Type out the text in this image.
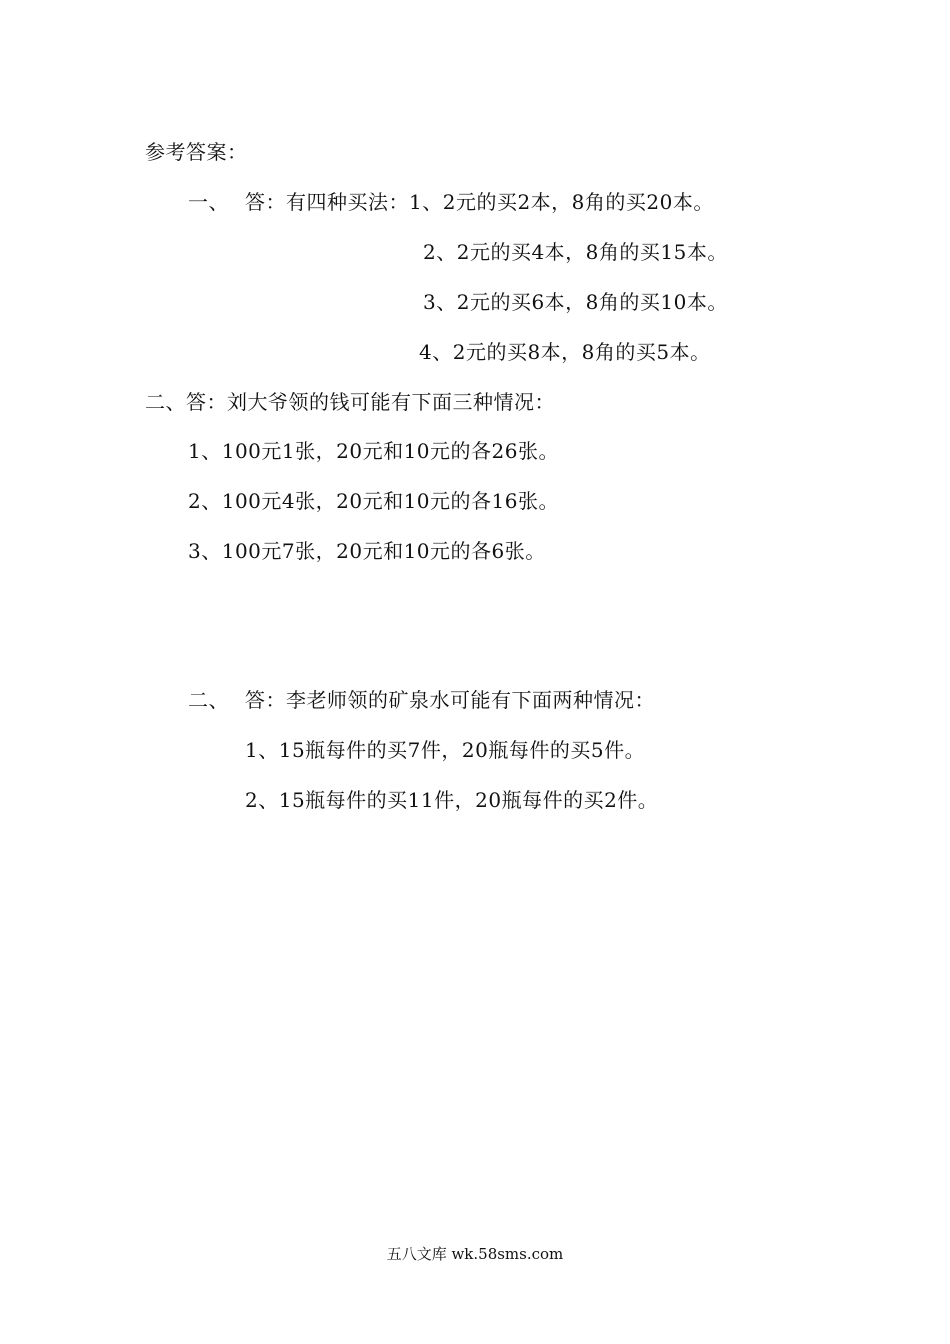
参考答案：
一、 答：有四种买法：1、2元的买2本，8角的买20本。
2、2元的买4本，8角的买15本。
3、2元的买6本，8角的买10本。
4、2元的买8本，8角的买5本。
二、答：刘大爷领的钱可能有下面三种情况：
1、100元1张，20元和10元的各26张。
2、100元4张，20元和10元的各16张。
3、100元7张，20元和10元的各6张。
二、 答：李老师领的矿泉水可能有下面两种情况：
1、15瓶每件的买7件，20瓶每件的买5件。
2、15瓶每件的买11件，20瓶每件的买2件。
五八文库 wk.58sms.com
